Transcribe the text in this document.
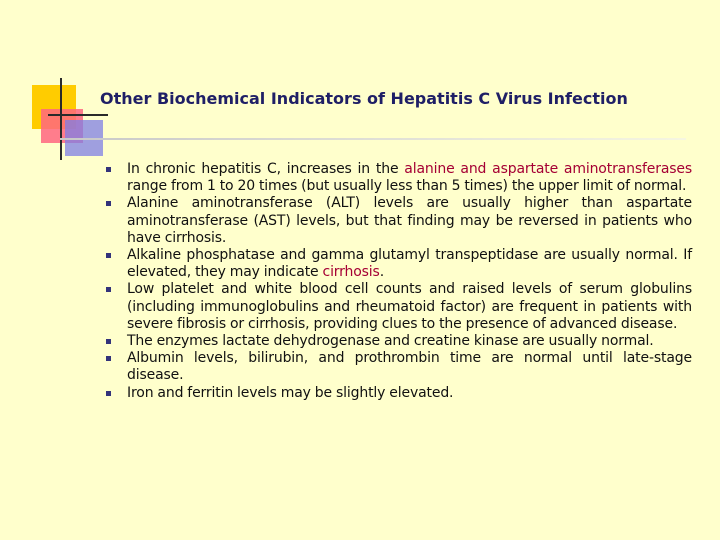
Other Biochemical Indicators of Hepatitis C Virus Infection
In chronic hepatitis C, increases in the alanine and aspartate aminotransferases range from 1 to 20 times (but usually less than 5 times) the upper limit of normal.
Alanine aminotransferase (ALT) levels are usually higher than aspartate aminotransferase (AST) levels, but that finding may be reversed in patients who have cirrhosis.
Alkaline phosphatase and gamma glutamyl transpeptidase are usually normal. If elevated, they may indicate cirrhosis.
Low platelet and white blood cell counts and raised levels of serum globulins (including immunoglobulins and rheumatoid factor) are frequent in patients with severe fibrosis or cirrhosis, providing clues to the presence of advanced disease.
The enzymes lactate dehydrogenase and creatine kinase are usually normal.
Albumin levels, bilirubin, and prothrombin time are normal until late-stage disease.
Iron and ferritin levels may be slightly elevated.
